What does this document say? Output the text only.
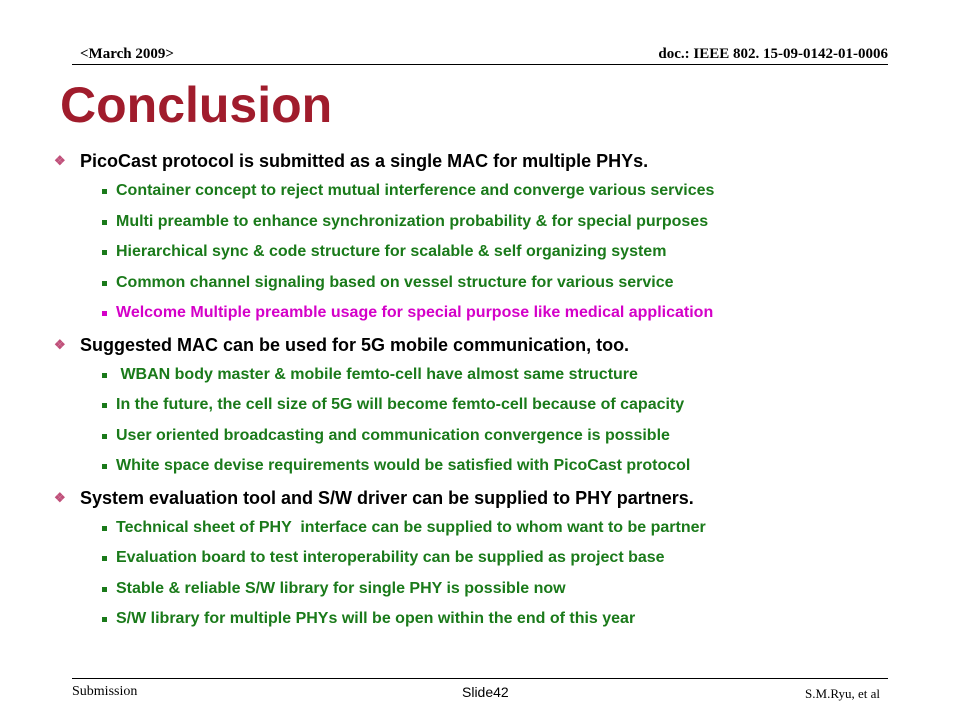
<March 2009>	doc.: IEEE 802. 15-09-0142-01-0006
Conclusion
❖ PicoCast protocol is submitted as a single MAC for multiple PHYs.
Container concept to reject mutual interference and converge various services
Multi preamble to enhance synchronization probability & for special purposes
Hierarchical sync & code structure for scalable & self organizing system
Common channel signaling based on vessel structure for various service
Welcome Multiple preamble usage for special purpose like medical application
❖ Suggested MAC can be used for 5G mobile communication, too.
WBAN body master & mobile femto-cell have almost same structure
In the future, the cell size of 5G will become femto-cell because of capacity
User oriented broadcasting and communication convergence is possible
White space devise requirements would be satisfied with PicoCast protocol
❖ System evaluation tool and S/W driver can be supplied to PHY partners.
Technical sheet of PHY  interface can be supplied to whom want to be partner
Evaluation board to test interoperability can be supplied as project base
Stable & reliable S/W library for single PHY is possible now
S/W library for multiple PHYs will be open within the end of this year
Submission	Slide42	S.M.Ryu, et al
